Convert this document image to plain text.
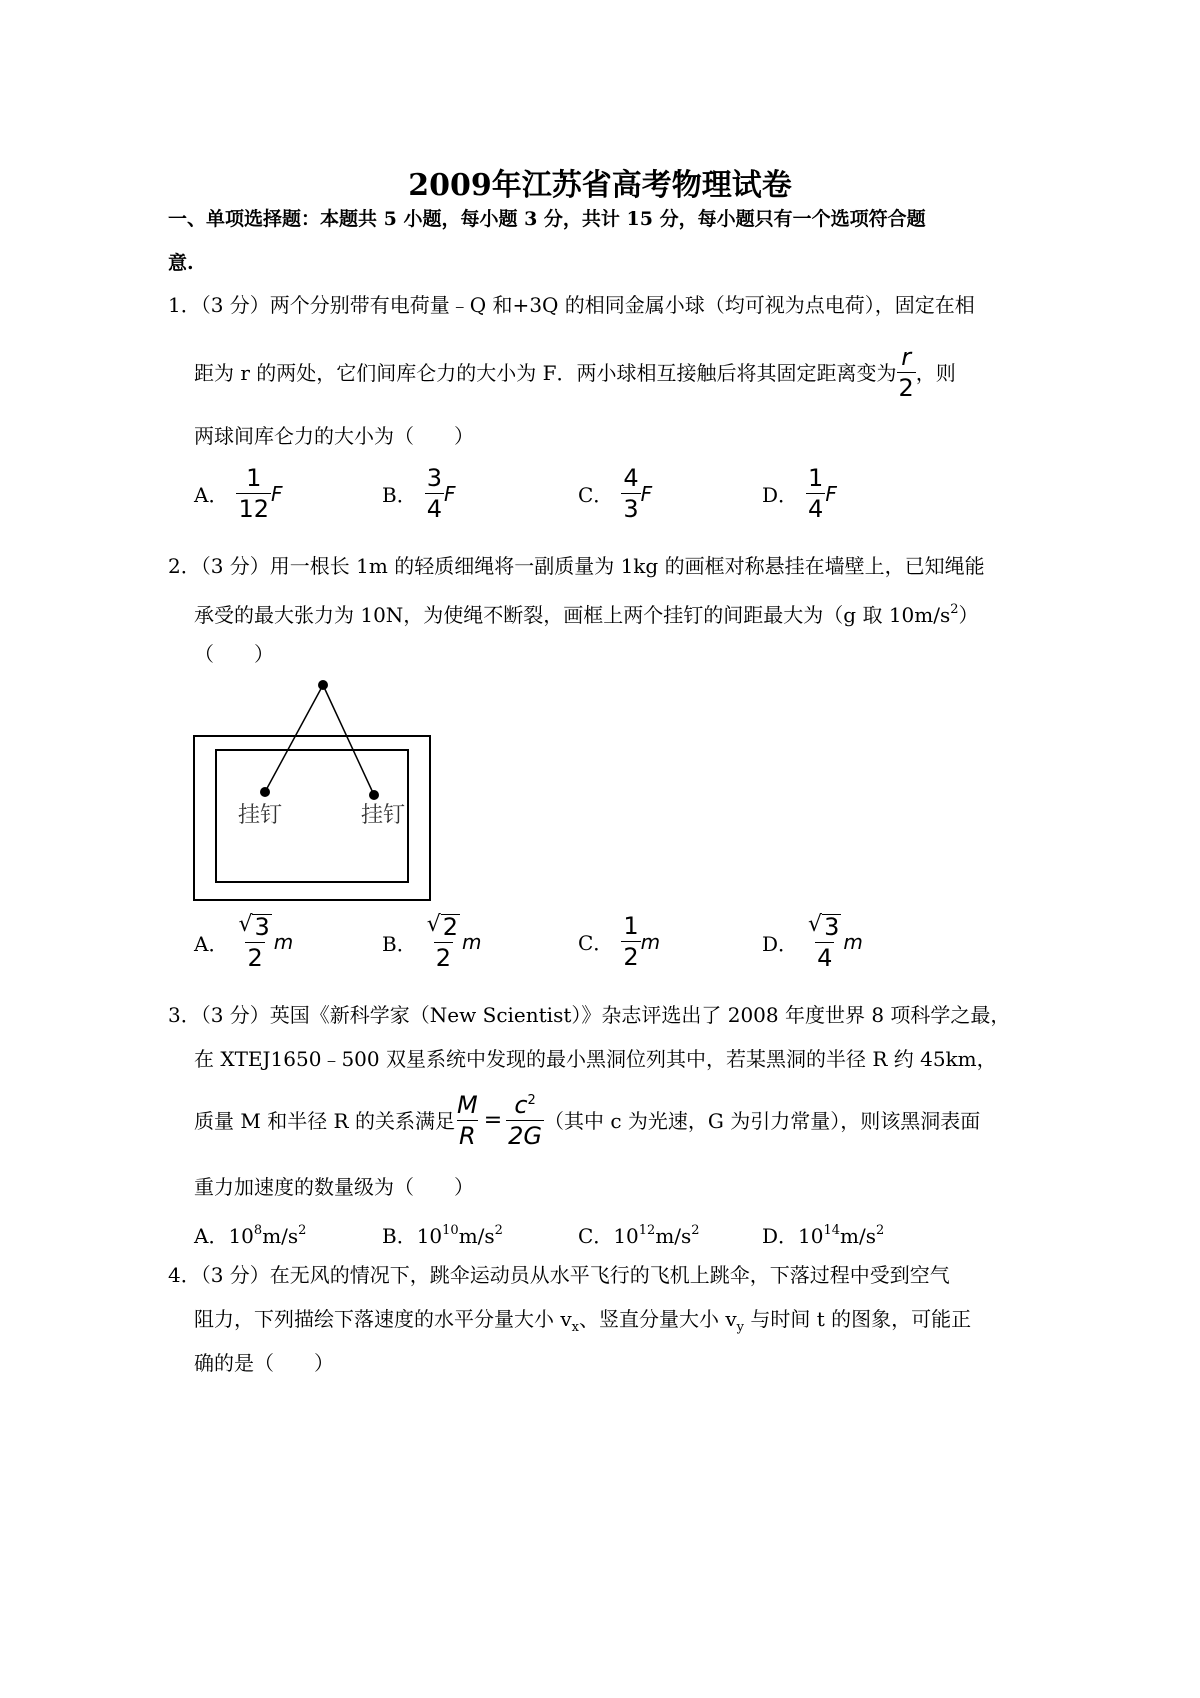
2009年江苏省高考物理试卷
一、单项选择题：本题共 5 小题，每小题 3 分，共计 15 分，每小题只有一个选项符合题
意.
1．（3 分）两个分别带有电荷量﹣Q 和+3Q 的相同金属小球（均可视为点电荷），固定在相
距为 r 的两处，它们间库仑力的大小为 F．两小球相互接触后将其固定距离变为 $\frac{r}{2}$ ，则
两球间库仑力的大小为（　　）
A． $\frac{1}{12}$ F	B． $\frac{3}{4}$ F	C． $\frac{4}{3}$ F	D． $\frac{1}{4}$ F
2．（3 分）用一根长 1m 的轻质细绳将一副质量为 1kg 的画框对称悬挂在墙壁上，已知绳能
承受的最大张力为 10N，为使绳不断裂，画框上两个挂钉的间距最大为（g 取 $10m/s^2$）
（　　）
挂钉	挂钉
A． $\frac{√ 3}{2}$ m	B． $\frac{√ 2}{2}$ m	C． $\frac{1}{2}$ m	D． $\frac{√ 3}{4}$ m
3．（3 分）英国《新科学家（New Scientist）》杂志评选出了 2008 年度世界 8 项科学之最，
在 XTEJ1650﹣500 双星系统中发现的最小黑洞位列其中，若某黑洞的半径 R 约 45km，
质量 M 和半径 R 的关系满足 $\frac{M}{R} = \frac{c^2}{2G}$ （其中 c 为光速，G 为引力常量），则该黑洞表面
重力加速度的数量级为（　　）
A．$10^8m/s^2$	B．$10^{10}m/s^2$	C．$10^{12}m/s^2$	D．$10^{14}m/s^2$
4．（3 分）在无风的情况下，跳伞运动员从水平飞行的飞机上跳伞，下落过程中受到空气
阻力，下列描绘下落速度的水平分量大小 $v_x$、竖直分量大小 $v_y$ 与时间 t 的图象，可能正
确的是（　　）
